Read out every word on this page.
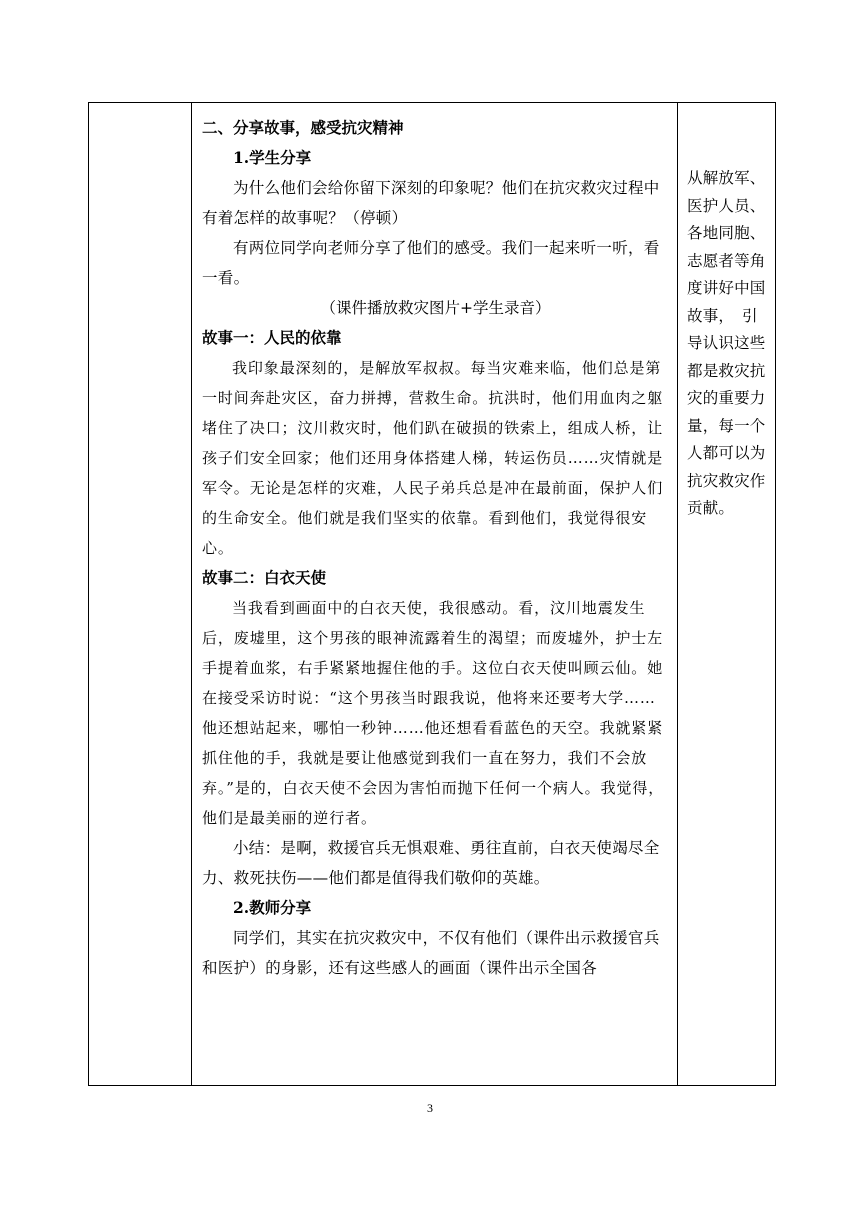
二、分享故事，感受抗灾精神

1.学生分享

为什么他们会给你留下深刻的印象呢？他们在抗灾救灾过程中有着怎样的故事呢？（停顿）

有两位同学向老师分享了他们的感受。我们一起来听一听，看一看。

（课件播放救灾图片+学生录音）

故事一：人民的依靠

我印象最深刻的，是解放军叔叔。每当灾难来临，他们总是第一时间奔赴灾区，奋力拼搏，营救生命。抗洪时，他们用血肉之躯堵住了决口；汶川救灾时，他们趴在破损的铁索上，组成人桥，让孩子们安全回家；他们还用身体搭建人梯，转运伤员……灾情就是军令。无论是怎样的灾难，人民子弟兵总是冲在最前面，保护人们的生命安全。他们就是我们坚实的依靠。看到他们，我觉得很安心。

故事二：白衣天使

当我看到画面中的白衣天使，我很感动。看，汶川地震发生后，废墟里，这个男孩的眼神流露着生的渴望；而废墟外，护士左手提着血浆，右手紧紧地握住他的手。这位白衣天使叫顾云仙。她在接受采访时说：“这个男孩当时跟我说，他将来还要考大学……他还想站起来，哪怕一秒钟……他还想看看蓝色的天空。我就紧紧抓住他的手，我就是要让他感觉到我们一直在努力，我们不会放弃。”是的，白衣天使不会因为害怕而抛下任何一个病人。我觉得，他们是最美丽的逆行者。

小结：是啊，救援官兵无惧艰难、勇往直前，白衣天使竭尽全力、救死扶伤——他们都是值得我们敬仰的英雄。

2.教师分享

同学们，其实在抗灾救灾中，不仅有他们（课件出示救援官兵和医护）的身影，还有这些感人的画面（课件出示全国各

从解放军、医护人员、各地同胞、志愿者等角度讲好中国故事，　引导认识这些都是救灾抗灾的重要力量，每一个人都可以为抗灾救灾作贡献。
3
